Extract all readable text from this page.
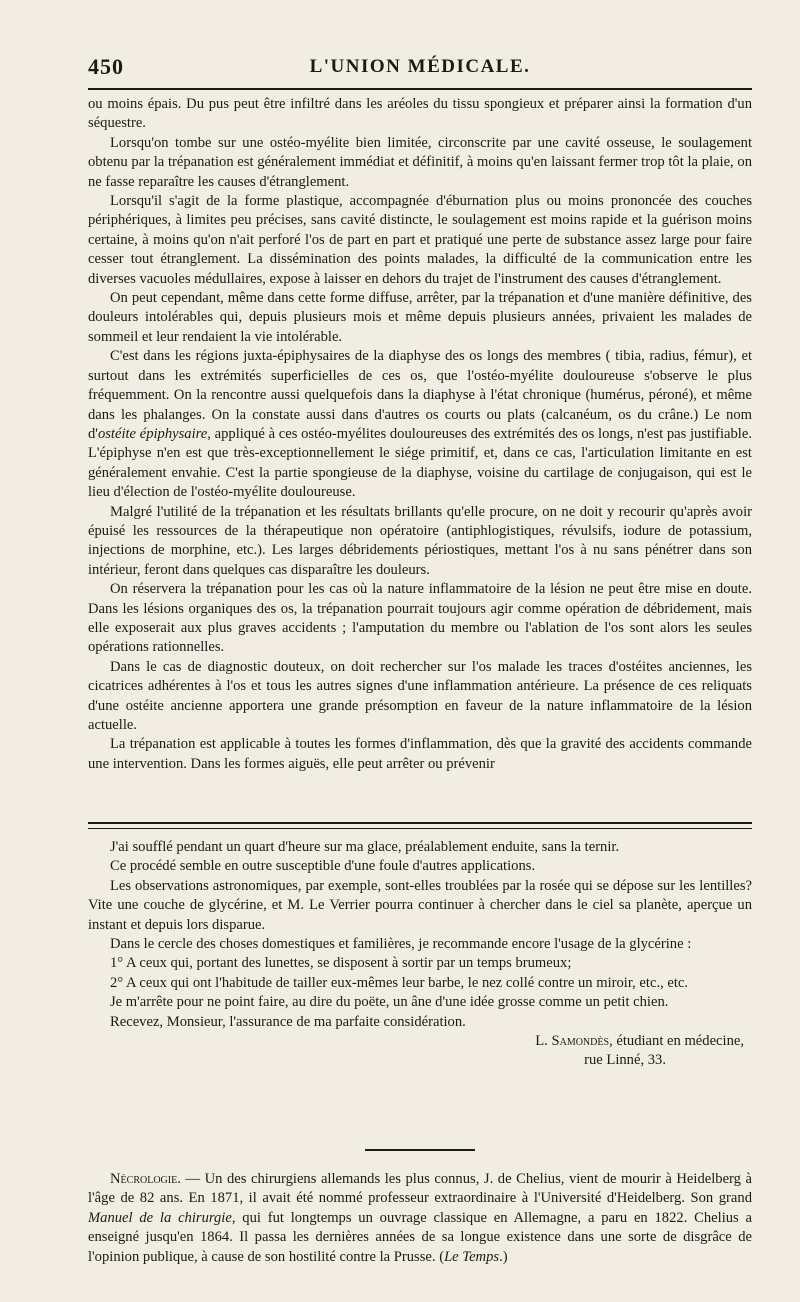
450	L'UNION MÉDICALE.

ou moins épais. Du pus peut être infiltré dans les aréoles du tissu spongieux et préparer ainsi la formation d'un séquestre.

Lorsqu'on tombe sur une ostéo-myélite bien limitée, circonscrite par une cavité osseuse, le soulagement obtenu par la trépanation est généralement immédiat et définitif, à moins qu'en laissant fermer trop tôt la plaie, on ne fasse reparaître les causes d'étranglement.

Lorsqu'il s'agit de la forme plastique, accompagnée d'éburnation plus ou moins prononcée des couches périphériques, à limites peu précises, sans cavité distincte, le soulagement est moins rapide et la guérison moins certaine, à moins qu'on n'ait perforé l'os de part en part et pratiqué une perte de substance assez large pour faire cesser tout étranglement. La dissémination des points malades, la difficulté de la communication entre les diverses vacuoles médullaires, expose à laisser en dehors du trajet de l'instrument des causes d'étranglement.

On peut cependant, même dans cette forme diffuse, arrêter, par la trépanation et d'une manière définitive, des douleurs intolérables qui, depuis plusieurs mois et même depuis plusieurs années, privaient les malades de sommeil et leur rendaient la vie intolérable.

C'est dans les régions juxta-épiphysaires de la diaphyse des os longs des membres ( tibia, radius, fémur), et surtout dans les extrémités superficielles de ces os, que l'ostéo-myélite douloureuse s'observe le plus fréquemment. On la rencontre aussi quelquefois dans la diaphyse à l'état chronique (humérus, péroné), et même dans les phalanges. On la constate aussi dans d'autres os courts ou plats (calcanéum, os du crâne.) Le nom d'ostéite épiphysaire, appliqué à ces ostéo-myélites douloureuses des extrémités des os longs, n'est pas justifiable. L'épiphyse n'en est que très-exceptionnellement le siége primitif, et, dans ce cas, l'articulation limitante en est généralement envahie. C'est la partie spongieuse de la diaphyse, voisine du cartilage de conjugaison, qui est le lieu d'élection de l'ostéo-myélite douloureuse.

Malgré l'utilité de la trépanation et les résultats brillants qu'elle procure, on ne doit y recourir qu'après avoir épuisé les ressources de la thérapeutique non opératoire (antiphlogistiques, révulsifs, iodure de potassium, injections de morphine, etc.). Les larges débridements périostiques, mettant l'os à nu sans pénétrer dans son intérieur, feront dans quelques cas disparaître les douleurs.

On réservera la trépanation pour les cas où la nature inflammatoire de la lésion ne peut être mise en doute. Dans les lésions organiques des os, la trépanation pourrait toujours agir comme opération de débridement, mais elle exposerait aux plus graves accidents ; l'amputation du membre ou l'ablation de l'os sont alors les seules opérations rationnelles.

Dans le cas de diagnostic douteux, on doit rechercher sur l'os malade les traces d'ostéites anciennes, les cicatrices adhérentes à l'os et tous les autres signes d'une inflammation antérieure. La présence de ces reliquats d'une ostéite ancienne apportera une grande présomption en faveur de la nature inflammatoire de la lésion actuelle.

La trépanation est applicable à toutes les formes d'inflammation, dès que la gravité des accidents commande une intervention. Dans les formes aiguës, elle peut arrêter ou prévenir

J'ai soufflé pendant un quart d'heure sur ma glace, préalablement enduite, sans la ternir.

Ce procédé semble en outre susceptible d'une foule d'autres applications.

Les observations astronomiques, par exemple, sont-elles troublées par la rosée qui se dépose sur les lentilles? Vite une couche de glycérine, et M. Le Verrier pourra continuer à chercher dans le ciel sa planète, aperçue un instant et depuis lors disparue.

Dans le cercle des choses domestiques et familières, je recommande encore l'usage de la glycérine :

1° A ceux qui, portant des lunettes, se disposent à sortir par un temps brumeux;

2° A ceux qui ont l'habitude de tailler eux-mêmes leur barbe, le nez collé contre un miroir, etc., etc.

Je m'arrête pour ne point faire, au dire du poëte, un âne d'une idée grosse comme un petit chien.

Recevez, Monsieur, l'assurance de ma parfaite considération.

L. Samondès, étudiant en médecine,

rue Linné, 33.

Nécrologie. — Un des chirurgiens allemands les plus connus, J. de Chelius, vient de mourir à Heidelberg à l'âge de 82 ans. En 1871, il avait été nommé professeur extraordinaire à l'Université d'Heidelberg. Son grand Manuel de la chirurgie, qui fut longtemps un ouvrage classique en Allemagne, a paru en 1822. Chelius a enseigné jusqu'en 1864. Il passa les dernières années de sa longue existence dans une sorte de disgrâce de l'opinion publique, à cause de son hostilité contre la Prusse. (Le Temps.)
